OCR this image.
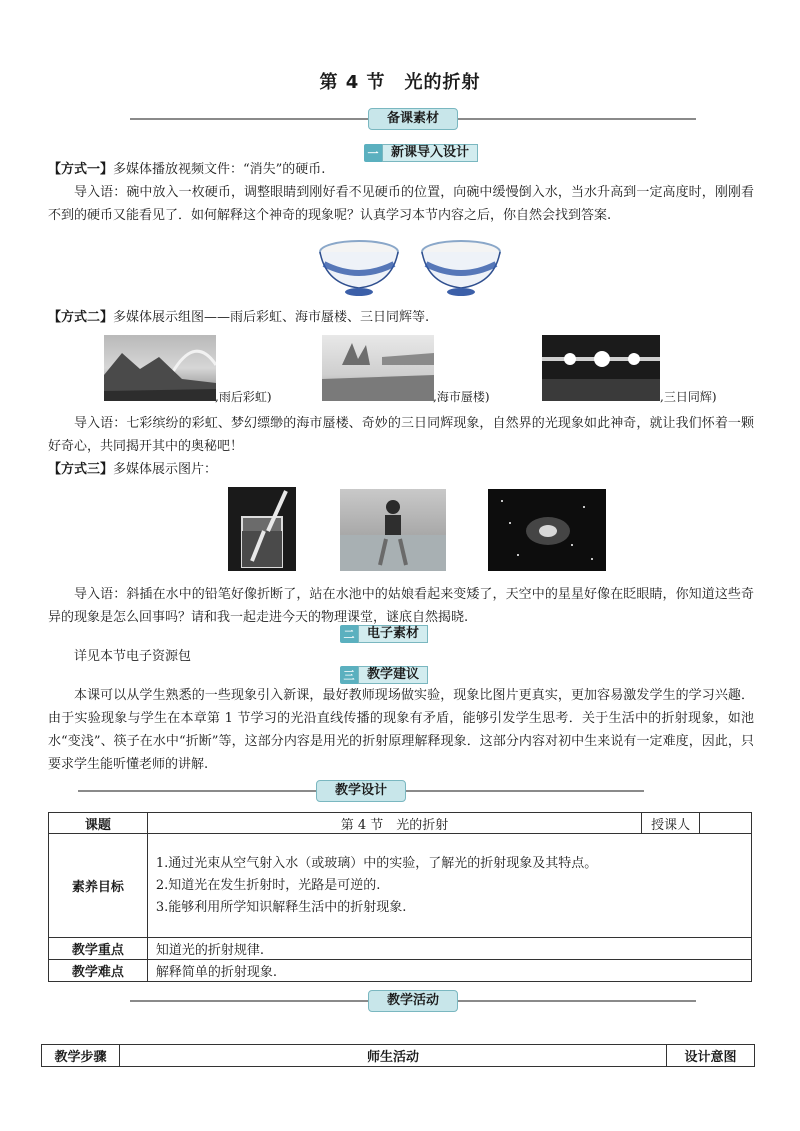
第 4 节　光的折射
备课素材
一 新课导入设计
【方式一】多媒体播放视频文件：“消失”的硬币.
导入语：碗中放入一枚硬币，调整眼睛到刚好看不见硬币的位置，向碗中缓慢倒入水，当水升高到一定高度时，刚刚看不到的硬币又能看见了．如何解释这个神奇的现象呢？认真学习本节内容之后，你自然会找到答案.
【方式二】多媒体展示组图——雨后彩虹、海市蜃楼、三日同辉等.
,雨后彩虹)	,海市蜃楼)	,三日同辉)
导入语：七彩缤纷的彩虹、梦幻缥缈的海市蜃楼、奇妙的三日同辉现象，自然界的光现象如此神奇，就让我们怀着一颗好奇心，共同揭开其中的奥秘吧！
【方式三】多媒体展示图片：
导入语：斜插在水中的铅笔好像折断了，站在水池中的姑娘看起来变矮了，天空中的星星好像在眨眼睛，你知道这些奇异的现象是怎么回事吗？请和我一起走进今天的物理课堂，谜底自然揭晓.
二 电子素材
详见本节电子资源包
三 教学建议
本课可以从学生熟悉的一些现象引入新课，最好教师现场做实验，现象比图片更真实，更加容易激发学生的学习兴趣．由于实验现象与学生在本章第 1 节学习的光沿直线传播的现象有矛盾，能够引发学生思考．关于生活中的折射现象，如池水“变浅”、筷子在水中“折断”等，这部分内容是用光的折射原理解释现象．这部分内容对初中生来说有一定难度，因此，只要求学生能听懂老师的讲解.
教学设计
课题	第 4 节　光的折射	授课人	
素养目标	1.通过光束从空气射入水（或玻璃）中的实验，了解光的折射现象及其特点。
2.知道光在发生折射时，光路是可逆的.
3.能够利用所学知识解释生活中的折射现象.		

教学重点	知道光的折射规律.		
教学难点	解释简单的折射现象.		
教学活动
教学步骤	师生活动	设计意图
